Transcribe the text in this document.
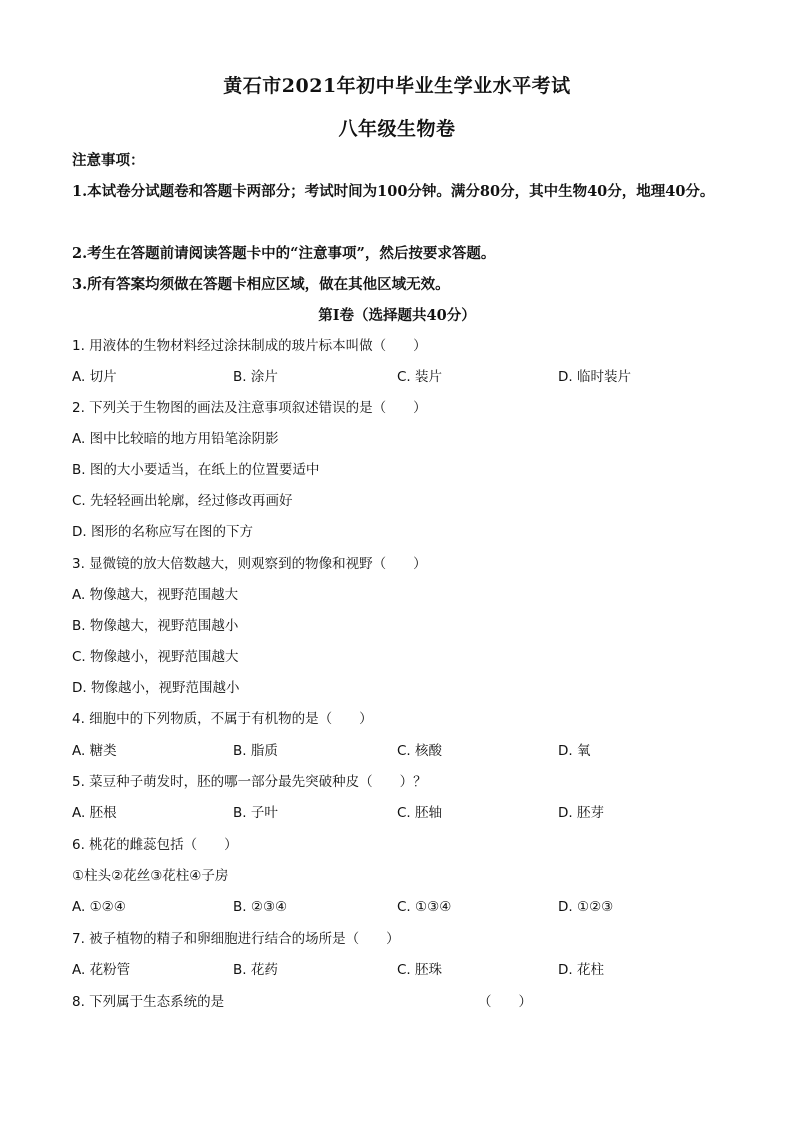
黄石市2021年初中毕业生学业水平考试
八年级生物卷
注意事项：
1.本试卷分试题卷和答题卡两部分；考试时间为100分钟。满分80分，其中生物40分，地理40分。
2.考生在答题前请阅读答题卡中的“注意事项”，然后按要求答题。
3.所有答案均须做在答题卡相应区域，做在其他区域无效。
第Ⅰ卷（选择题共40分）
1. 用液体的生物材料经过涂抹制成的玻片标本叫做（　　）
A. 切片	B. 涂片	C. 装片	D. 临时装片
2. 下列关于生物图的画法及注意事项叙述错误的是（　　）
A. 图中比较暗的地方用铅笔涂阴影
B. 图的大小要适当，在纸上的位置要适中
C. 先轻轻画出轮廓，经过修改再画好
D. 图形的名称应写在图的下方
3. 显微镜的放大倍数越大，则观察到的物像和视野（　　）
A. 物像越大，视野范围越大
B. 物像越大，视野范围越小
C. 物像越小，视野范围越大
D. 物像越小，视野范围越小
4. 细胞中的下列物质，不属于有机物的是（　　）
A. 糖类	B. 脂质	C. 核酸	D. 氧
5. 菜豆种子萌发时，胚的哪一部分最先突破种皮（　　）？
A. 胚根	B. 子叶	C. 胚轴	D. 胚芽
6. 桃花的雌蕊包括（　　）
①柱头②花丝③花柱④子房
A. ①②④	B. ②③④	C. ①③④	D. ①②③
7. 被子植物的精子和卵细胞进行结合的场所是（　　）
A. 花粉管	B. 花药	C. 胚珠	D. 花柱
8. 下列属于生态系统的是	（　　）
